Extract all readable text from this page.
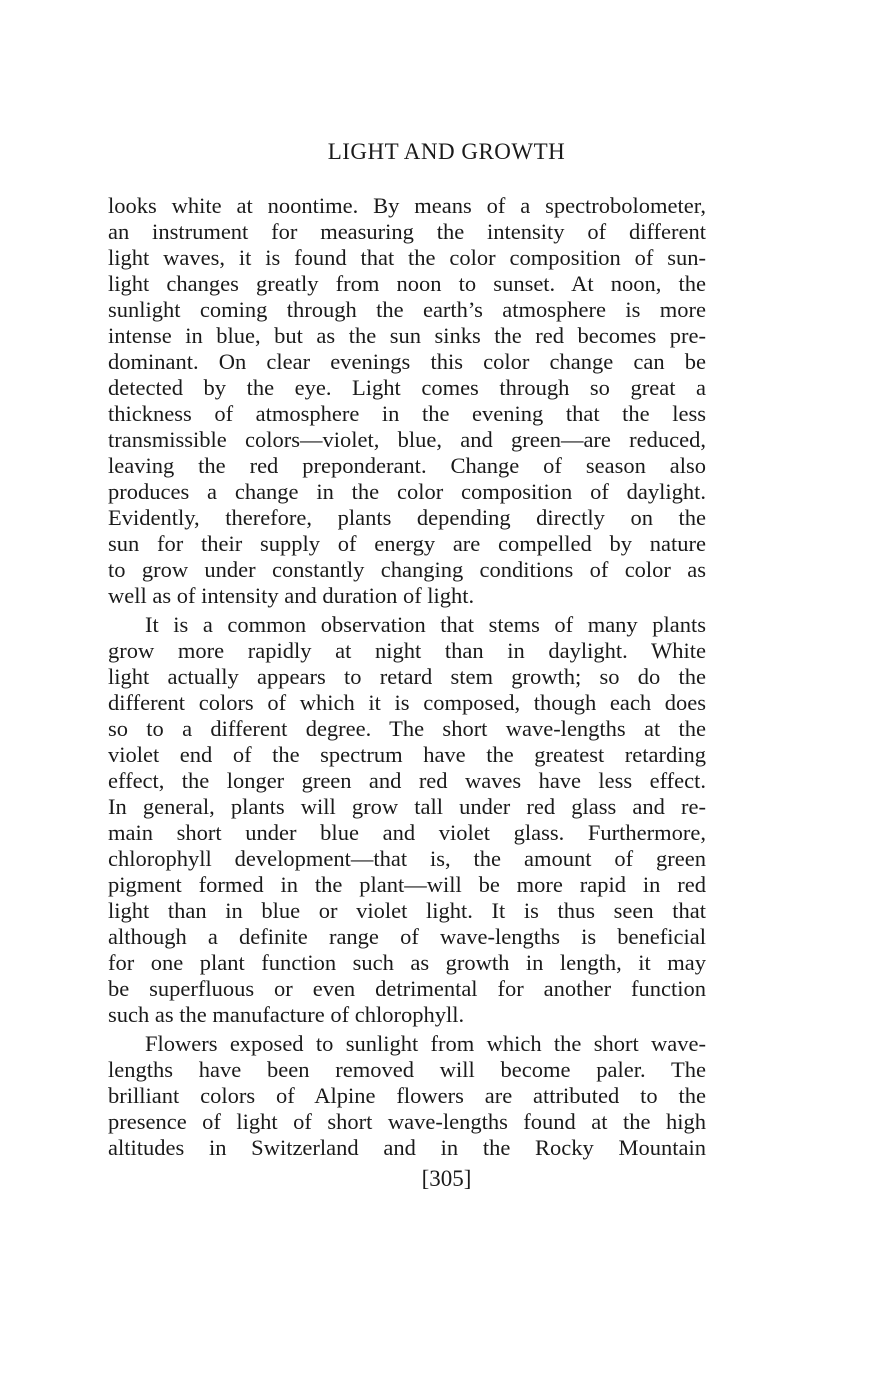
LIGHT AND GROWTH
looks white at noontime. By means of a spectrobolometer,
an instrument for measuring the intensity of different
light waves, it is found that the color composition of sun-
light changes greatly from noon to sunset. At noon, the
sunlight coming through the earth’s atmosphere is more
intense in blue, but as the sun sinks the red becomes pre-
dominant. On clear evenings this color change can be
detected by the eye. Light comes through so great a
thickness of atmosphere in the evening that the less
transmissible colors—violet, blue, and green—are reduced,
leaving the red preponderant. Change of season also
produces a change in the color composition of daylight.
Evidently, therefore, plants depending directly on the
sun for their supply of energy are compelled by nature
to grow under constantly changing conditions of color as
well as of intensity and duration of light.
It is a common observation that stems of many plants
grow more rapidly at night than in daylight. White
light actually appears to retard stem growth; so do the
different colors of which it is composed, though each does
so to a different degree. The short wave-lengths at the
violet end of the spectrum have the greatest retarding
effect, the longer green and red waves have less effect.
In general, plants will grow tall under red glass and re-
main short under blue and violet glass. Furthermore,
chlorophyll development—that is, the amount of green
pigment formed in the plant—will be more rapid in red
light than in blue or violet light. It is thus seen that
although a definite range of wave-lengths is beneficial
for one plant function such as growth in length, it may
be superfluous or even detrimental for another function
such as the manufacture of chlorophyll.
Flowers exposed to sunlight from which the short wave-
lengths have been removed will become paler. The
brilliant colors of Alpine flowers are attributed to the
presence of light of short wave-lengths found at the high
altitudes in Switzerland and in the Rocky Mountain
[305]
